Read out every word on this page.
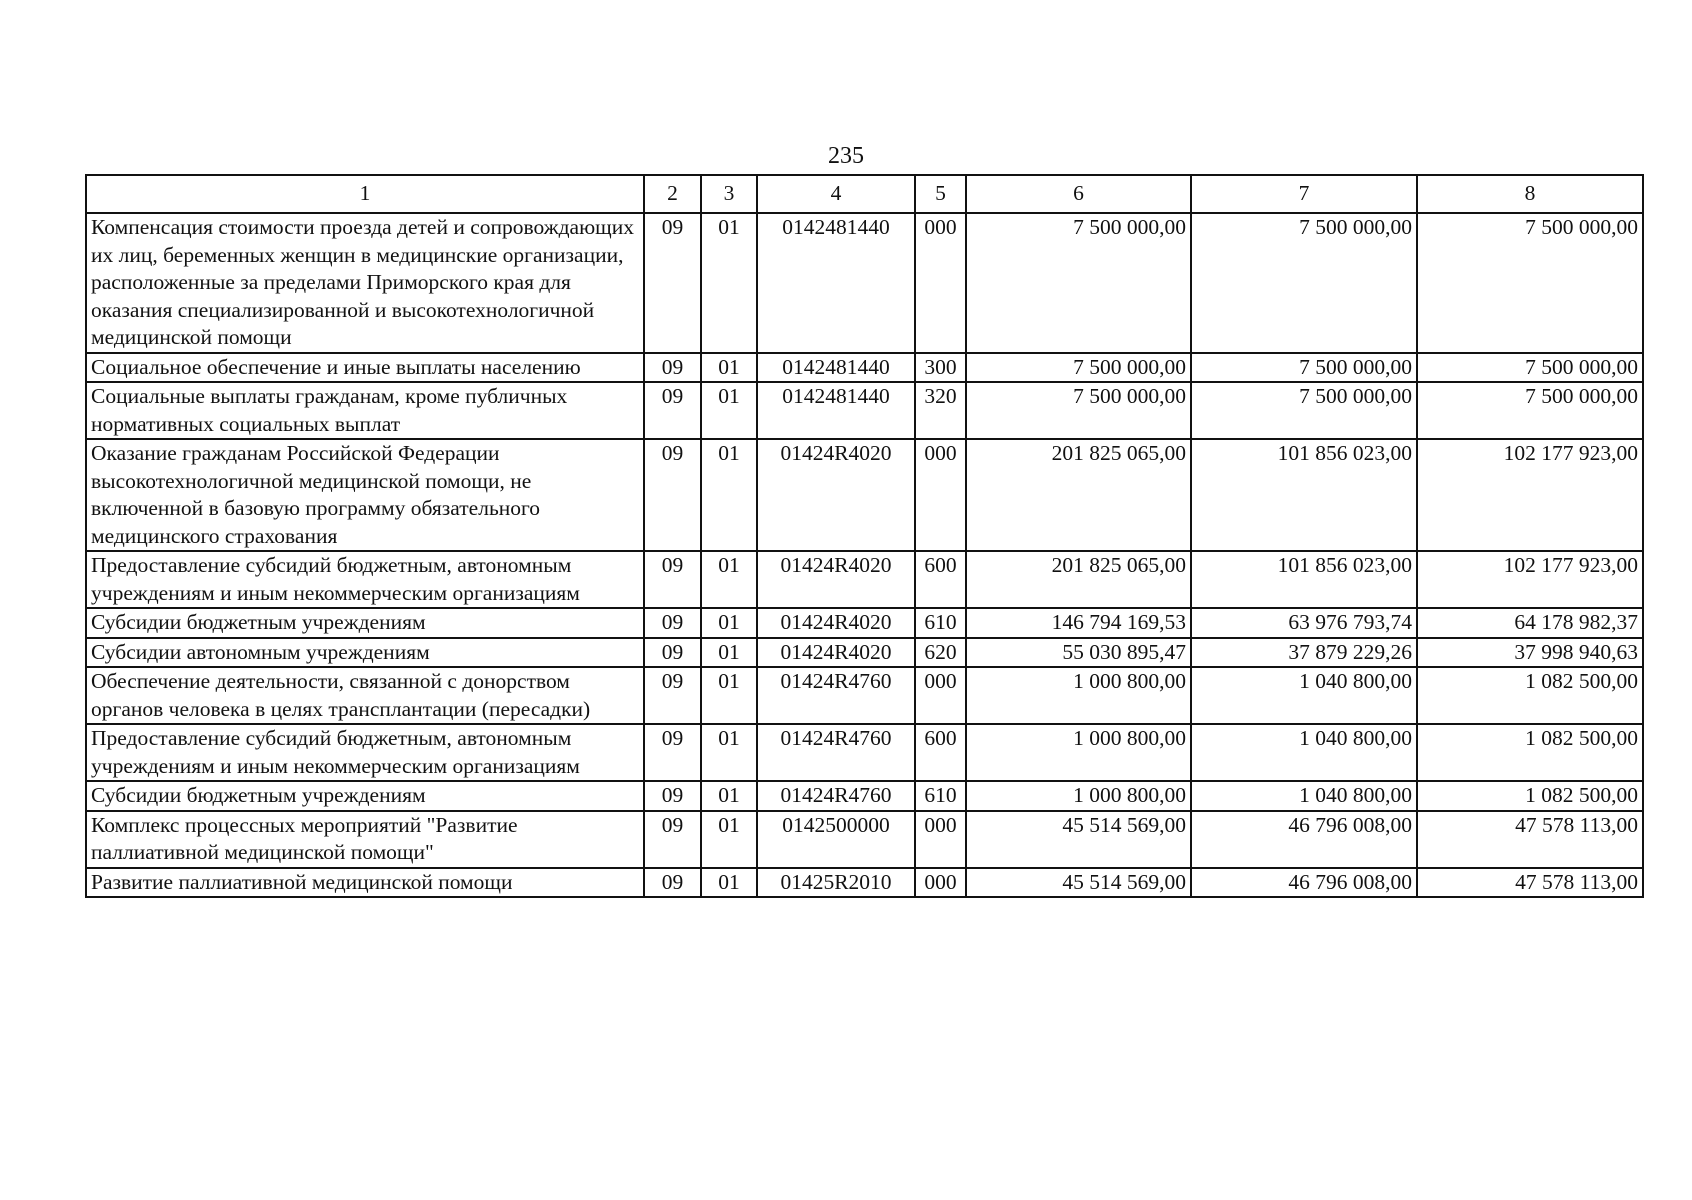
235
1	2	3	4	5	6	7	8
Компенсация стоимости проезда детей и сопровождающих их лиц, беременных женщин в медицинские организации, расположенные за пределами Приморского края для оказания специализированной и высокотехнологичной медицинской помощи	09	01	0142481440	000	7 500 000,00	7 500 000,00	7 500 000,00
Социальное обеспечение и иные выплаты населению	09	01	0142481440	300	7 500 000,00	7 500 000,00	7 500 000,00
Социальные выплаты гражданам, кроме публичных нормативных социальных выплат	09	01	0142481440	320	7 500 000,00	7 500 000,00	7 500 000,00
Оказание гражданам Российской Федерации высокотехнологичной медицинской помощи, не включенной в базовую программу обязательного медицинского страхования	09	01	01424R4020	000	201 825 065,00	101 856 023,00	102 177 923,00
Предоставление субсидий бюджетным, автономным учреждениям и иным некоммерческим организациям	09	01	01424R4020	600	201 825 065,00	101 856 023,00	102 177 923,00
Субсидии бюджетным учреждениям	09	01	01424R4020	610	146 794 169,53	63 976 793,74	64 178 982,37
Субсидии автономным учреждениям	09	01	01424R4020	620	55 030 895,47	37 879 229,26	37 998 940,63
Обеспечение деятельности, связанной с донорством органов человека в целях трансплантации (пересадки)	09	01	01424R4760	000	1 000 800,00	1 040 800,00	1 082 500,00
Предоставление субсидий бюджетным, автономным учреждениям и иным некоммерческим организациям	09	01	01424R4760	600	1 000 800,00	1 040 800,00	1 082 500,00
Субсидии бюджетным учреждениям	09	01	01424R4760	610	1 000 800,00	1 040 800,00	1 082 500,00
Комплекс процессных мероприятий "Развитие паллиативной медицинской помощи"	09	01	0142500000	000	45 514 569,00	46 796 008,00	47 578 113,00
Развитие паллиативной медицинской помощи	09	01	01425R2010	000	45 514 569,00	46 796 008,00	47 578 113,00
